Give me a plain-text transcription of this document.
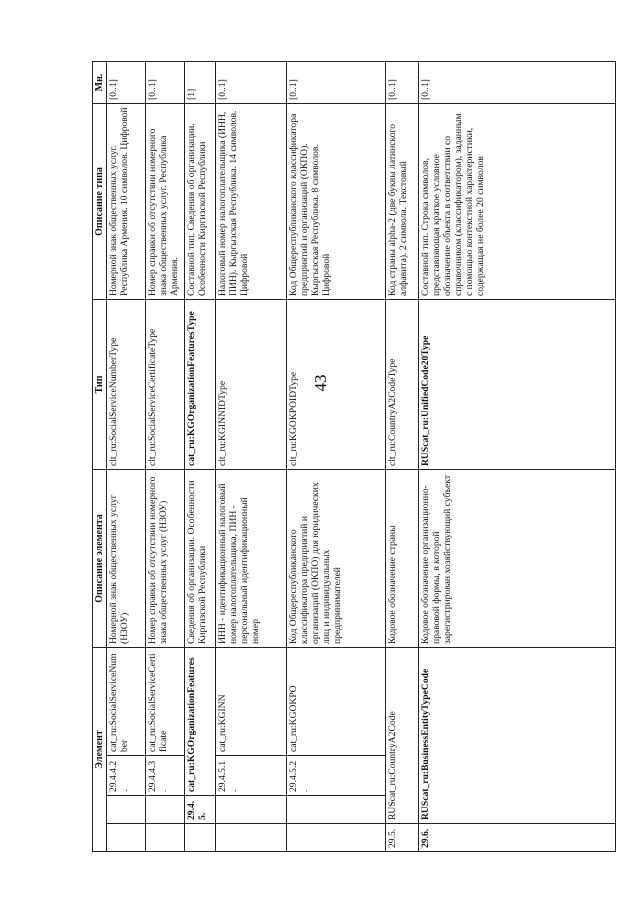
43
Элемент				Описание элемента	Тип	Описание типа	Мн.
		29.4.4.2.	cat_ru:SocialServiceNumber	Номерной знак общественных услуг (НЗОУ)	clt_ru:SocialServiceNumberType	Номерной знак общественных услуг. Республика Армения. 10 символов. Цифровой	[0..1]
		29.4.4.3.	cat_ru:SocialServiceCertificate	Номер справки об отсутствии номерного знака общественных услуг (НЗОУ)	clt_ru:SocialServiceCertificateType	Номер справки об отсутствии номерного знака общественных услуг. Республика Армения.	[0..1]
	29.4.5.	cat_ru:KGOrganizationFeatures		Сведения об организации. Особенности Киргизской Республики	cat_ru:KGOrganizationFeaturesType	Составной тип. Сведения об организации. Особенности Киргизской Республики	[1]
		29.4.5.1.	cat_ru:KGINN	ИНН - идентификационный налоговый номер налогоплательщика, ПИН - персональный идентификационный номер	clt_ru:KGINNIDType	Налоговый номер налогоплательщика (ИНН, ПИН). Кыргызская Республика. 14 символов. Цифровой	[0..1]
		29.4.5.2.	cat_ru:KGOKPO	Код Общереспубликанского классификатора предприятий и организаций (ОКПО) для юридических лиц и индивидуальных предпринимателей	clt_ru:KGOKPOIDType	Код Общереспубликанского классификатора предприятий и организаций (ОКПО). Кыргызская Республика. 8 символов. Цифровой	[0..1]
29.5.	RUScat_ru:CountryA2Code			Кодовое обозначение страны	clt_ru:CountryA2CodeType	Код страны alpha-2 (две буквы латинского алфавита). 2 символа. Текстовый	[0..1]
29.6.	RUScat_ru:BusinessEntityTypeCode			Кодовое обозначение организационно-правовой формы, в которой зарегистрирован хозяйствующий субъект	RUScat_ru:UnifiedCode20Type	Составной тип. Строка символов, представляющая краткое условное обозначение объекта в соответствии со справочником (классификатором), заданным с помощью контекстной характеристики, содержащая не более 20 символов	[0..1]
